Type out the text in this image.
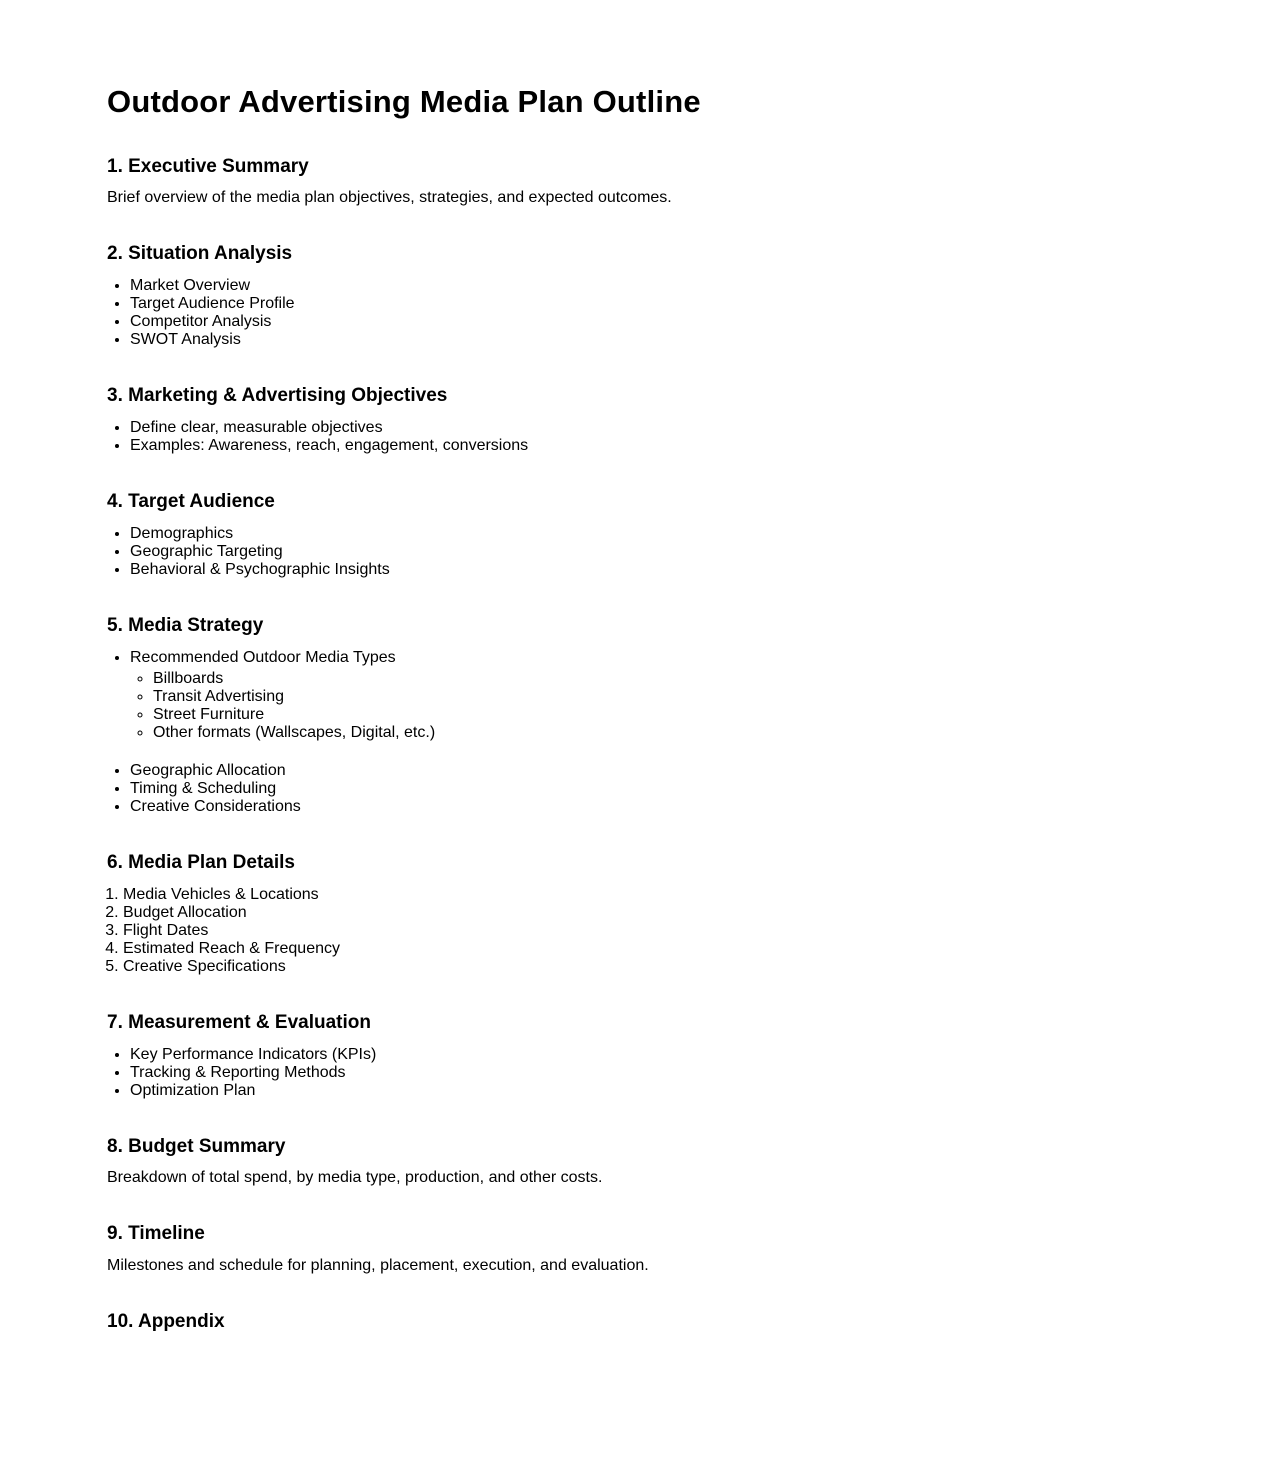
Outdoor Advertising Media Plan Outline
1. Executive Summary

Brief overview of the media plan objectives, strategies, and expected outcomes.

2. Situation Analysis
• Market Overview
• Target Audience Profile
• Competitor Analysis
• SWOT Analysis
3. Marketing & Advertising Objectives
• Define clear, measurable objectives
• Examples: Awareness, reach, engagement, conversions
4. Target Audience
• Demographics
• Geographic Targeting
• Behavioral & Psychographic Insights
5. Media Strategy
• Recommended Outdoor Media Types
◦ Billboards
◦ Transit Advertising
◦ Street Furniture
◦ Other formats (Wallscapes, Digital, etc.)
• Geographic Allocation
• Timing & Scheduling
• Creative Considerations
6. Media Plan Details
1. Media Vehicles & Locations
2. Budget Allocation
3. Flight Dates
4. Estimated Reach & Frequency
5. Creative Specifications
7. Measurement & Evaluation
• Key Performance Indicators (KPIs)
• Tracking & Reporting Methods
• Optimization Plan
8. Budget Summary

Breakdown of total spend, by media type, production, and other costs.

9. Timeline

Milestones and schedule for planning, placement, execution, and evaluation.

10. Appendix
